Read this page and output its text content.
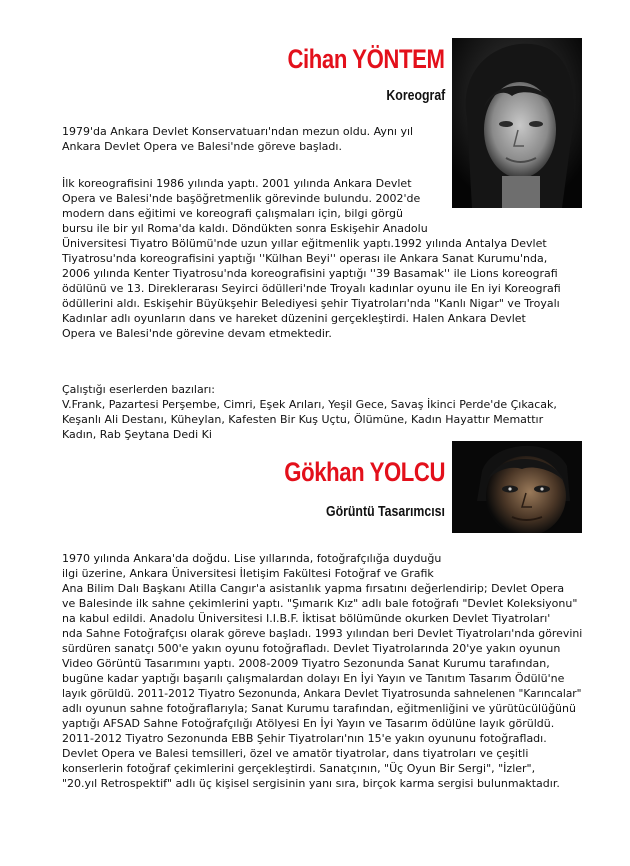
Cihan YÖNTEM
Koreograf
1979'da Ankara Devlet Konservatuarı'ndan mezun oldu. Aynı yıl
Ankara Devlet Opera ve Balesi'nde göreve başladı.
İlk koreografisini 1986 yılında yaptı. 2001 yılında Ankara Devlet
Opera ve Balesi'nde başöğretmenlik görevinde bulundu. 2002'de
modern dans eğitimi ve koreografi çalışmaları için, bilgi görgü
bursu ile bir yıl Roma'da kaldı. Döndükten sonra Eskişehir Anadolu
Üniversitesi Tiyatro Bölümü'nde uzun yıllar eğitmenlik yaptı.1992 yılında Antalya Devlet
Tiyatrosu'nda koreografisini yaptığı ''Külhan Beyi'' operası ile Ankara Sanat Kurumu'nda,
2006 yılında Kenter Tiyatrosu'nda koreografisini yaptığı ''39 Basamak'' ile Lions koreografi
ödülünü ve 13. Direklerarası Seyirci ödülleri'nde Troyalı kadınlar oyunu ile En iyi Koreografi
ödüllerini aldı. Eskişehir Büyükşehir Belediyesi şehir Tiyatroları'nda "Kanlı Nigar" ve Troyalı
Kadınlar adlı oyunların dans ve hareket düzenini gerçekleştirdi. Halen Ankara Devlet
Opera ve Balesi'nde görevine devam etmektedir.
Çalıştığı eserlerden bazıları:
V.Frank, Pazartesi Perşembe, Cimri, Eşek Arıları, Yeşil Gece, Savaş İkinci Perde'de Çıkacak,
Keşanlı Ali Destanı, Küheylan, Kafesten Bir Kuş Uçtu, Ölümüne, Kadın Hayattır Memattır
Kadın, Rab Şeytana Dedi Ki
Gökhan YOLCU
Görüntü Tasarımcısı
1970 yılında Ankara'da doğdu. Lise yıllarında, fotoğrafçılığa duyduğu
ilgi üzerine, Ankara Üniversitesi İletişim Fakültesi Fotoğraf ve Grafik
Ana Bilim Dalı Başkanı Atilla Cangır'a asistanlık yapma fırsatını değerlendirip; Devlet Opera
ve Balesinde ilk sahne çekimlerini yaptı. "Şımarık Kız" adlı bale fotoğrafı "Devlet Koleksiyonu"
na kabul edildi. Anadolu Üniversitesi I.I.B.F. İktisat bölümünde okurken Devlet Tiyatroları'
nda Sahne Fotoğrafçısı olarak göreve başladı. 1993 yılından beri Devlet Tiyatroları'nda görevini
sürdüren sanatçı 500'e yakın oyunu fotoğrafladı. Devlet Tiyatrolarında 20'ye yakın oyunun
Video Görüntü Tasarımını yaptı. 2008-2009 Tiyatro Sezonunda Sanat Kurumu tarafından,
bugüne kadar yaptığı başarılı çalışmalardan dolayı En İyi Yayın ve Tanıtım Tasarım Ödülü'ne
layık görüldü. 2011-2012 Tiyatro Sezonunda, Ankara Devlet Tiyatrosunda sahnelenen "Karıncalar"
adlı oyunun sahne fotoğraflarıyla; Sanat Kurumu tarafından, eğitmenliğini ve yürütücülüğünü
yaptığı AFSAD Sahne Fotoğrafçılığı Atölyesi En İyi Yayın ve Tasarım ödülüne layık görüldü.
2011-2012 Tiyatro Sezonunda EBB Şehir Tiyatroları'nın 15'e yakın oyununu fotoğrafladı.
Devlet Opera ve Balesi temsilleri, özel ve amatör tiyatrolar, dans tiyatroları ve çeşitli
konserlerin fotoğraf çekimlerini gerçekleştirdi. Sanatçının, "Üç Oyun Bir Sergi", "İzler",
"20.yıl Retrospektif" adlı üç kişisel sergisinin yanı sıra, birçok karma sergisi bulunmaktadır.
